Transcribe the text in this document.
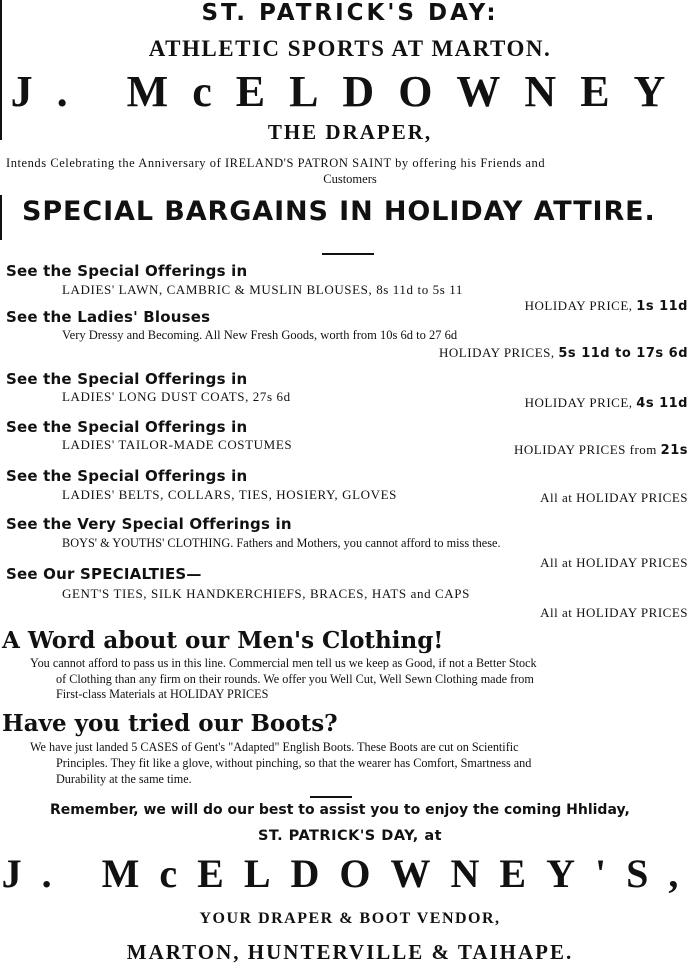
ST. PATRICK'S DAY:
ATHLETIC SPORTS AT MARTON.
J. McELDOWNEY
THE DRAPER,
Intends Celebrating the Anniversary of IRELAND'S PATRON SAINT by offering his Friends and
Customers
SPECIAL BARGAINS IN HOLIDAY ATTIRE.
See the Special Offerings in
LADIES' LAWN, CAMBRIC & MUSLIN BLOUSES, 8s 11d to 5s 11
HOLIDAY PRICE, 1s 11d
See the Ladies' Blouses
Very Dressy and Becoming. All New Fresh Goods, worth from 10s 6d to 27 6d
HOLIDAY PRICES, 5s 11d to 17s 6d
See the Special Offerings in
LADIES' LONG DUST COATS, 27s 6d	HOLIDAY PRICE, 4s 11d
See the Special Offerings in
LADIES' TAILOR-MADE COSTUMES	HOLIDAY PRICES from 21s
See the Special Offerings in
LADIES' BELTS, COLLARS, TIES, HOSIERY, GLOVES	All at HOLIDAY PRICES
See the Very Special Offerings in
BOYS' & YOUTHS' CLOTHING. Fathers and Mothers, you cannot afford to miss these.
All at HOLIDAY PRICES
See Our SPECIALTIES—
GENT'S TIES, SILK HANDKERCHIEFS, BRACES, HATS and CAPS
All at HOLIDAY PRICES
A Word about our Men's Clothing!
You cannot afford to pass us in this line. Commercial men tell us we keep as Good, if not a Better Stock
of Clothing than any firm on their rounds. We offer you Well Cut, Well Sewn Clothing made from
First-class Materials at HOLIDAY PRICES
Have you tried our Boots?
We have just landed 5 CASES of Gent's "Adapted" English Boots. These Boots are cut on Scientific
Principles. They fit like a glove, without pinching, so that the wearer has Comfort, Smartness and
Durability at the same time.
Remember, we will do our best to assist you to enjoy the coming Hhliday,
ST. PATRICK'S DAY, at
J. McELDOWNEY'S,
YOUR DRAPER & BOOT VENDOR,
MARTON, HUNTERVILLE & TAIHAPE.
